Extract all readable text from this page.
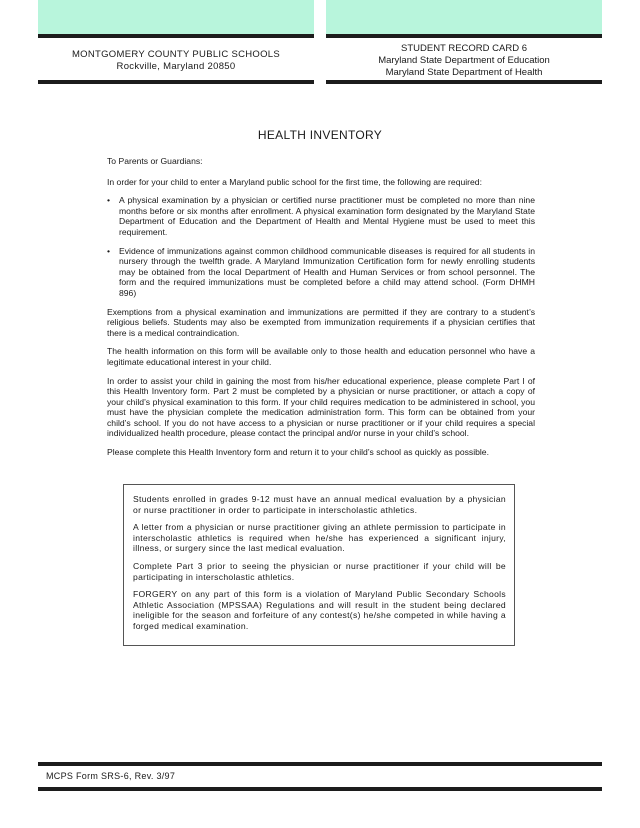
MONTGOMERY COUNTY PUBLIC SCHOOLS
Rockville, Maryland 20850
STUDENT RECORD CARD 6
Maryland State Department of Education
Maryland State Department of Health
HEALTH INVENTORY

To Parents or Guardians:

In order for your child to enter a Maryland public school for the first time, the following are required:

• A physical examination by a physician or certified nurse practitioner must be completed no more than nine months before or six months after enrollment. A physical examination form designated by the Maryland State Department of Education and the Department of Health and Mental Hygiene must be used to meet this requirement.
• Evidence of immunizations against common childhood communicable diseases is required for all students in nursery through the twelfth grade. A Maryland Immunization Certification form for newly enrolling students may be obtained from the local Department of Health and Human Services or from school personnel. The form and the required immunizations must be completed before a child may attend school. (Form DHMH 896)

Exemptions from a physical examination and immunizations are permitted if they are contrary to a student’s religious beliefs. Students may also be exempted from immunization requirements if a physician certifies that there is a medical contraindication.

The health information on this form will be available only to those health and education personnel who have a legitimate educational interest in your child.

In order to assist your child in gaining the most from his/her educational experience, please complete Part I of this Health Inventory form. Part 2 must be completed by a physician or nurse practitioner, or attach a copy of your child’s physical examination to this form. If your child requires medication to be administered in school, you must have the physician complete the medication administration form. This form can be obtained from your child’s school. If you do not have access to a physician or nurse practitioner or if your child requires a special individualized health procedure, please contact the principal and/or nurse in your child’s school.

Please complete this Health Inventory form and return it to your child’s school as quickly as possible.

Students enrolled in grades 9-12 must have an annual medical evaluation by a physician or nurse practitioner in order to participate in interscholastic athletics.

A letter from a physician or nurse practitioner giving an athlete permission to participate in interscholastic athletics is required when he/she has experienced a significant injury, illness, or surgery since the last medical evaluation.

Complete Part 3 prior to seeing the physician or nurse practitioner if your child will be participating in interscholastic athletics.

FORGERY on any part of this form is a violation of Maryland Public Secondary Schools Athletic Association (MPSSAA) Regulations and will result in the student being declared ineligible for the season and forfeiture of any contest(s) he/she competed in while having a forged medical examination.

MCPS Form SRS-6, Rev. 3/97
